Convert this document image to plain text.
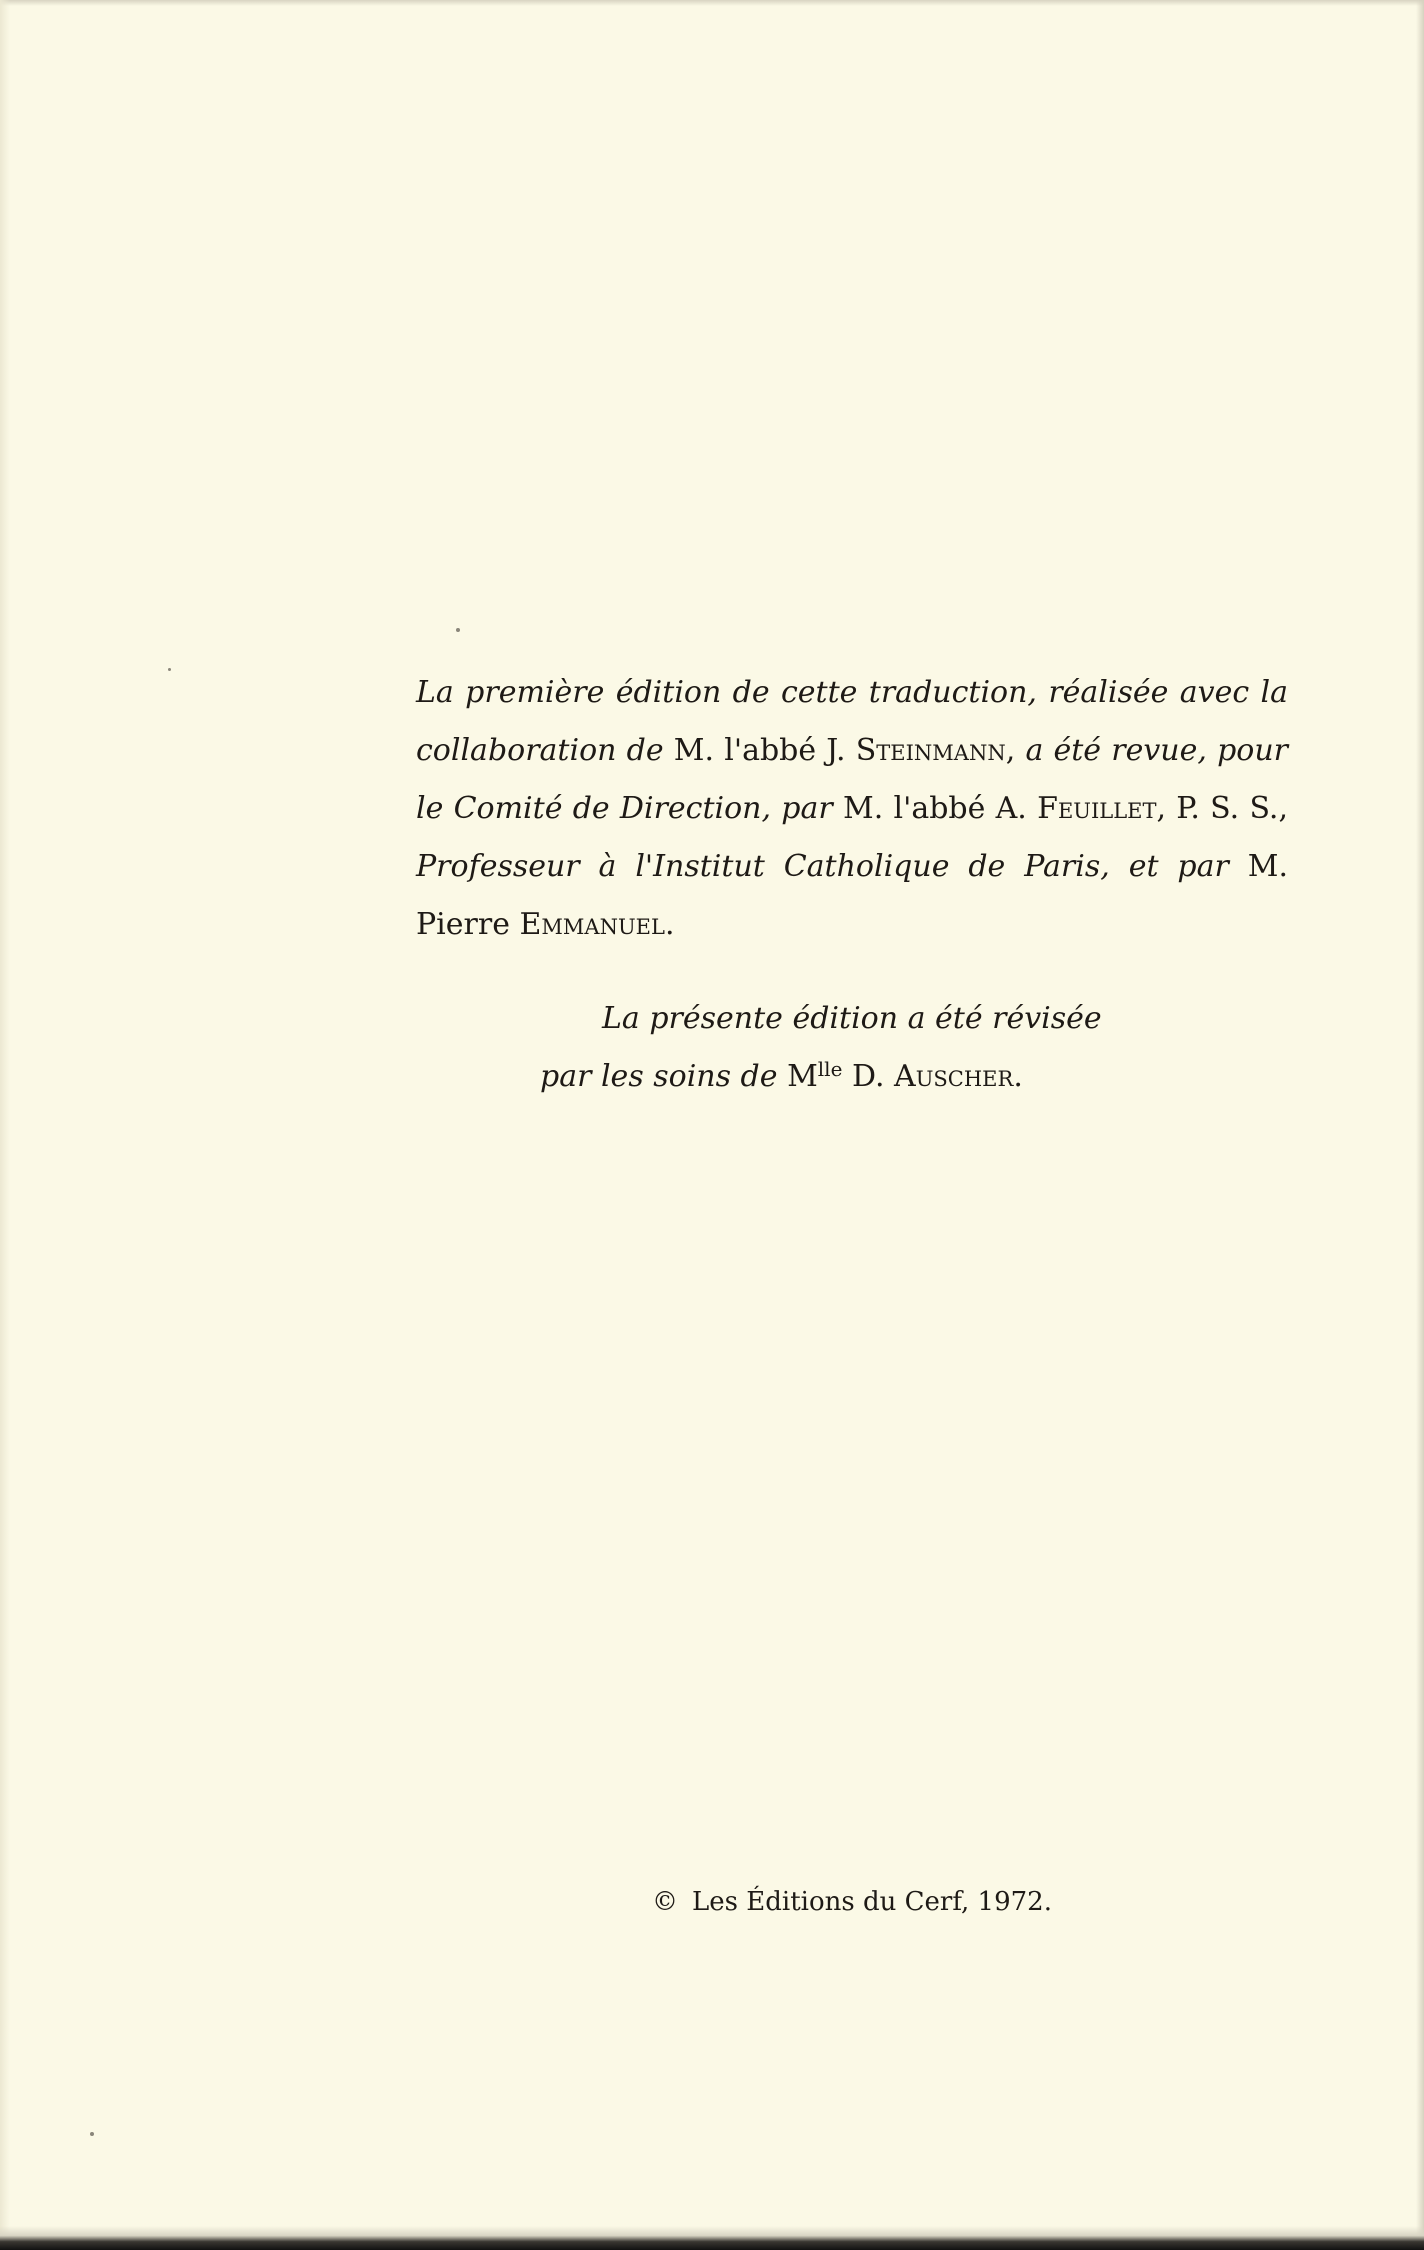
La première édition de cette traduction, réalisée avec la collaboration de M. l'abbé J. Steinmann, a été revue, pour le Comité de Direction, par M. l'abbé A. Feuillet, P. S. S., Professeur à l'Institut Catholique de Paris, et par M. Pierre Emmanuel.
La présente édition a été révisée
par les soins de $M^{lle}$ D. Auscher.
© Les Éditions du Cerf, 1972.
